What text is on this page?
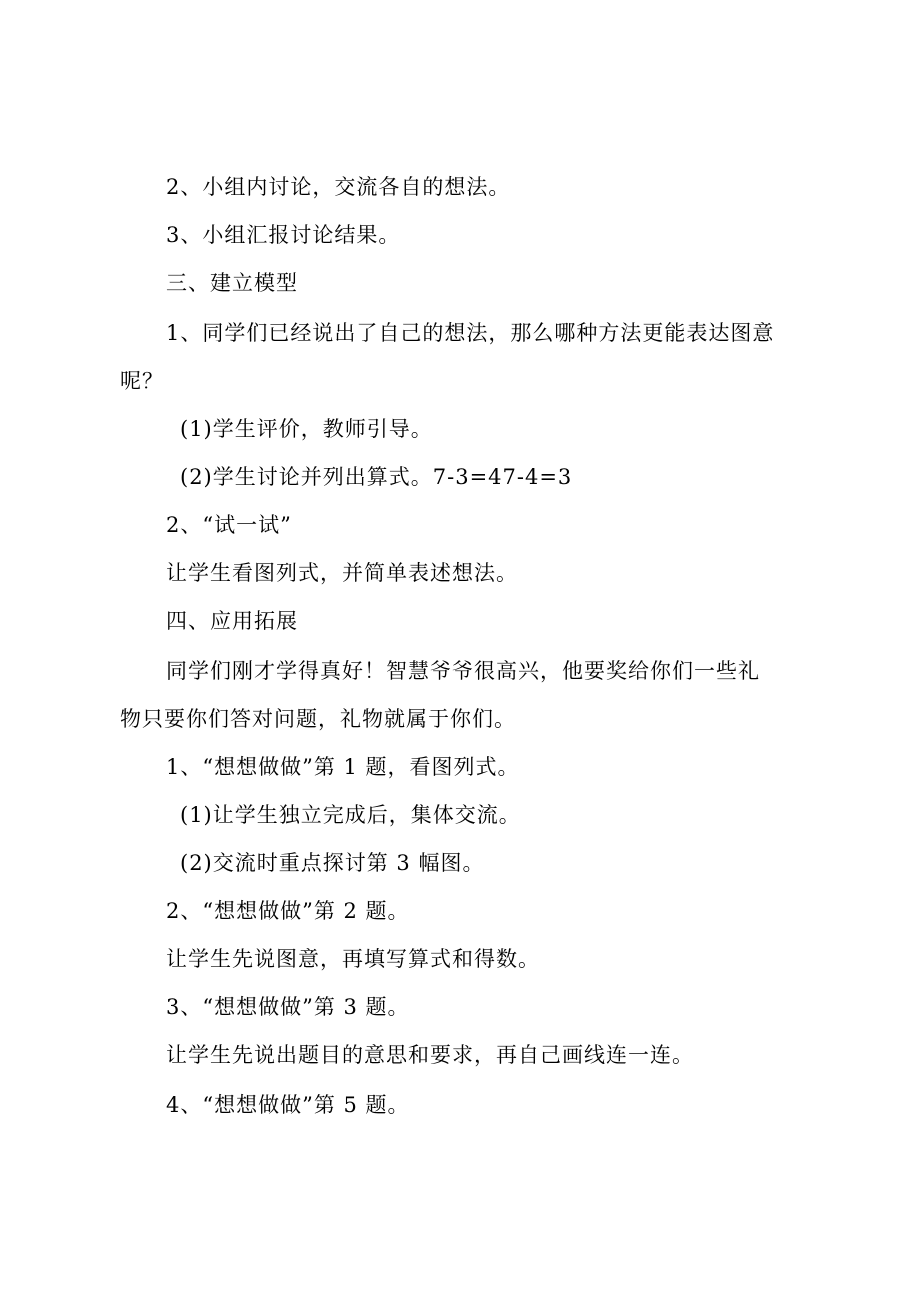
2、小组内讨论，交流各自的想法。

3、小组汇报讨论结果。

三、建立模型

1、同学们已经说出了自己的想法，那么哪种方法更能表达图意

呢？

(1)学生评价，教师引导。

(2)学生讨论并列出算式。7-3=47-4=3

2、“试一试”

让学生看图列式，并简单表述想法。

四、应用拓展

同学们刚才学得真好！智慧爷爷很高兴，他要奖给你们一些礼

物只要你们答对问题，礼物就属于你们。

1、“想想做做”第 1 题，看图列式。

(1)让学生独立完成后，集体交流。

(2)交流时重点探讨第 3 幅图。

2、“想想做做”第 2 题。

让学生先说图意，再填写算式和得数。

3、“想想做做”第 3 题。

让学生先说出题目的意思和要求，再自己画线连一连。

4、“想想做做”第 5 题。
